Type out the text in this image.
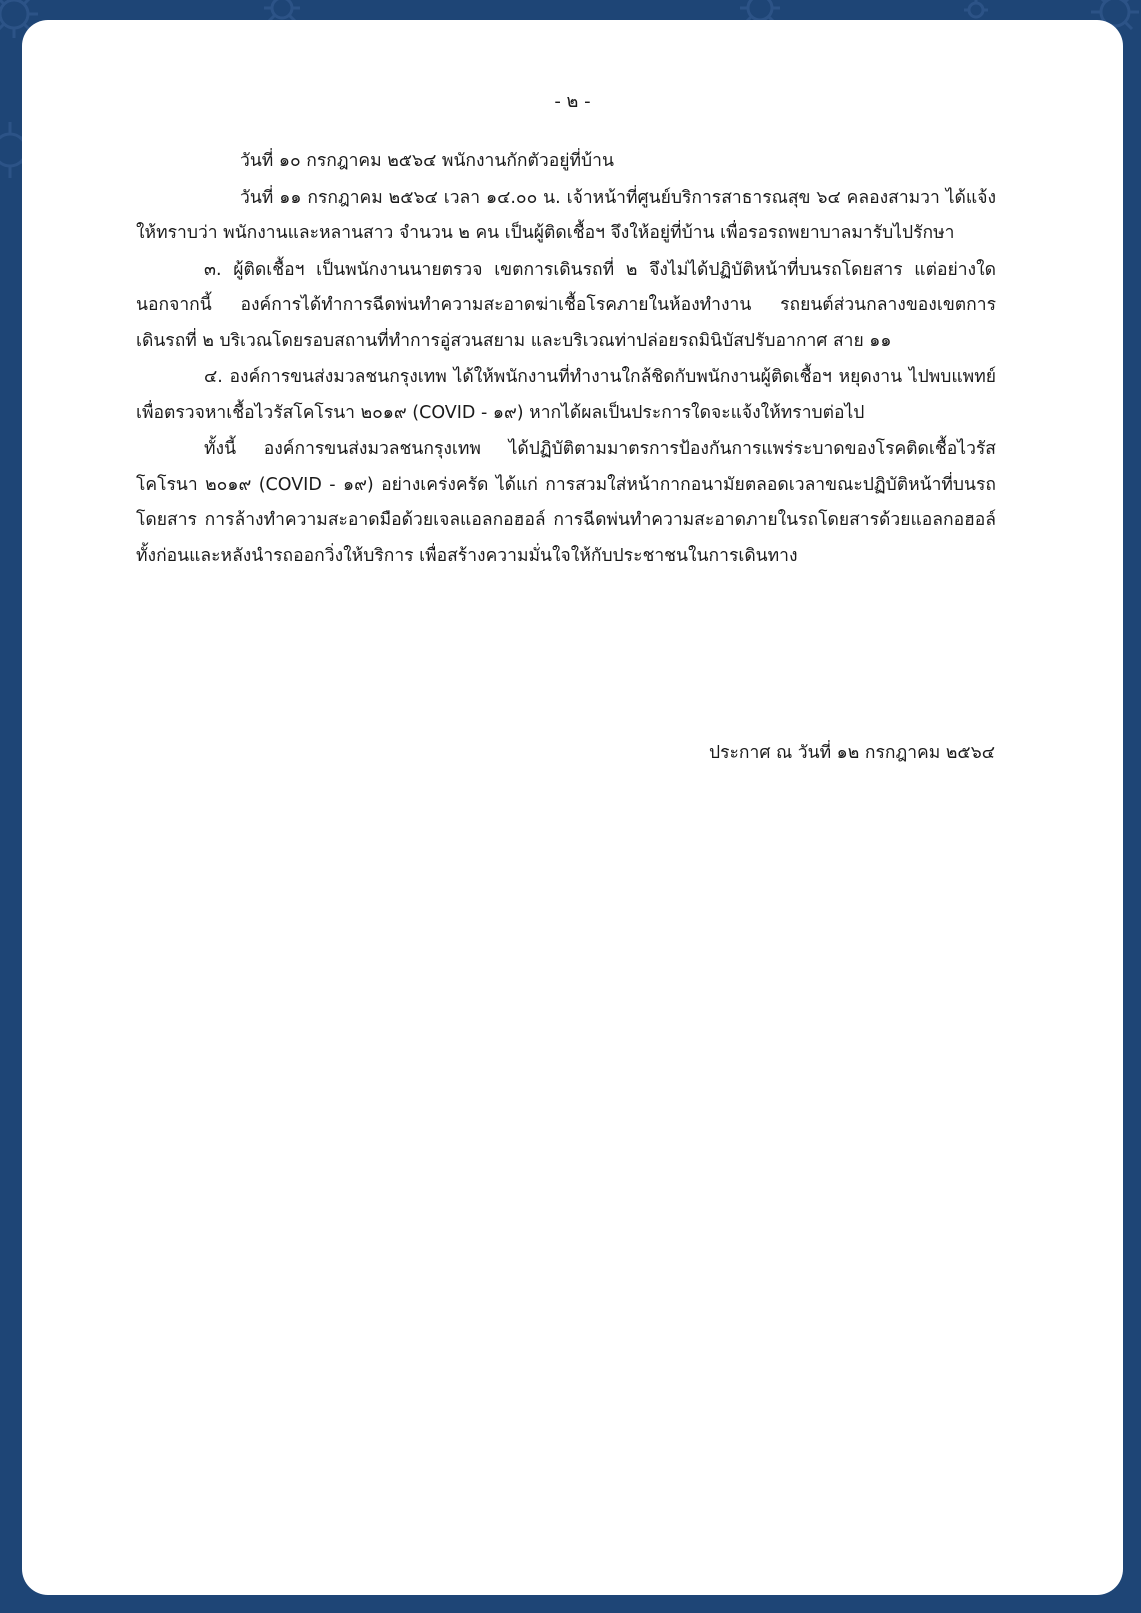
- ๒ -

วันที่ ๑๐ กรกฎาคม ๒๕๖๔ พนักงานกักตัวอยู่ที่บ้าน

วันที่ ๑๑ กรกฎาคม ๒๕๖๔ เวลา ๑๔.๐๐ น. เจ้าหน้าที่ศูนย์บริการสาธารณสุข ๖๔ คลองสามวา ได้แจ้งให้ทราบว่า พนักงานและหลานสาว จำนวน ๒ คน เป็นผู้ติดเชื้อฯ จึงให้อยู่ที่บ้าน เพื่อรอรถพยาบาลมารับไปรักษา

๓. ผู้ติดเชื้อฯ เป็นพนักงานนายตรวจ เขตการเดินรถที่ ๒ จึงไม่ได้ปฏิบัติหน้าที่บนรถโดยสาร แต่อย่างใด นอกจากนี้ องค์การได้ทำการฉีดพ่นทำความสะอาดฆ่าเชื้อโรคภายในห้องทำงาน รถยนต์ส่วนกลางของเขตการเดินรถที่ ๒ บริเวณโดยรอบสถานที่ทำการอู่สวนสยาม และบริเวณท่าปล่อยรถมินิบัสปรับอากาศ สาย ๑๑

๔. องค์การขนส่งมวลชนกรุงเทพ ได้ให้พนักงานที่ทำงานใกล้ชิดกับพนักงานผู้ติดเชื้อฯ หยุดงาน ไปพบแพทย์ เพื่อตรวจหาเชื้อไวรัสโคโรนา ๒๐๑๙ (COVID - ๑๙) หากได้ผลเป็นประการใดจะแจ้งให้ทราบต่อไป

ทั้งนี้ องค์การขนส่งมวลชนกรุงเทพ ได้ปฏิบัติตามมาตรการป้องกันการแพร่ระบาดของโรคติดเชื้อไวรัสโคโรนา ๒๐๑๙ (COVID - ๑๙) อย่างเคร่งครัด ได้แก่ การสวมใส่หน้ากากอนามัยตลอดเวลาขณะปฏิบัติหน้าที่บนรถโดยสาร การล้างทำความสะอาดมือด้วยเจลแอลกอฮอล์ การฉีดพ่นทำความสะอาดภายในรถโดยสารด้วยแอลกอฮอล์ ทั้งก่อนและหลังนำรถออกวิ่งให้บริการ เพื่อสร้างความมั่นใจให้กับประชาชนในการเดินทาง

ประกาศ ณ วันที่ ๑๒ กรกฎาคม ๒๕๖๔
